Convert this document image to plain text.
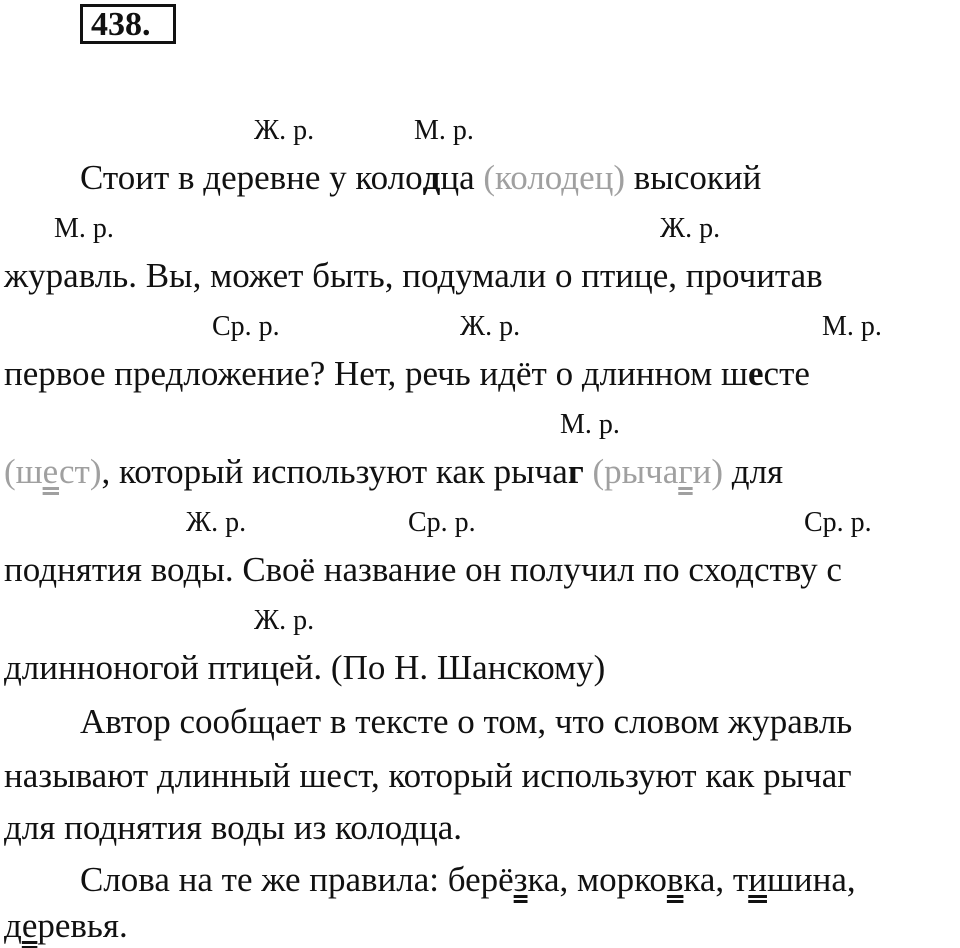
438.
Ж. р.	М. р.
Стоит в деревне у колодца (колодец) высокий
М. р.	Ж. р.
журавль. Вы, может быть, подумали о птице, прочитав
Ср. р.	Ж. р.	М. р.
первое предложение? Нет, речь идёт о длинном шесте
М. р.
(шест), который используют как рычаг (рычаги) для
Ж. р.	Ср. р.	Ср. р.
поднятия воды. Своё название он получил по сходству с
Ж. р.
длинноногой птицей. (По Н. Шанскому)
Автор сообщает в тексте о том, что словом журавль
называют длинный шест, который используют как рычаг
для поднятия воды из колодца.
Слова на те же правила: берёзка, морковка, тишина,
деревья.
